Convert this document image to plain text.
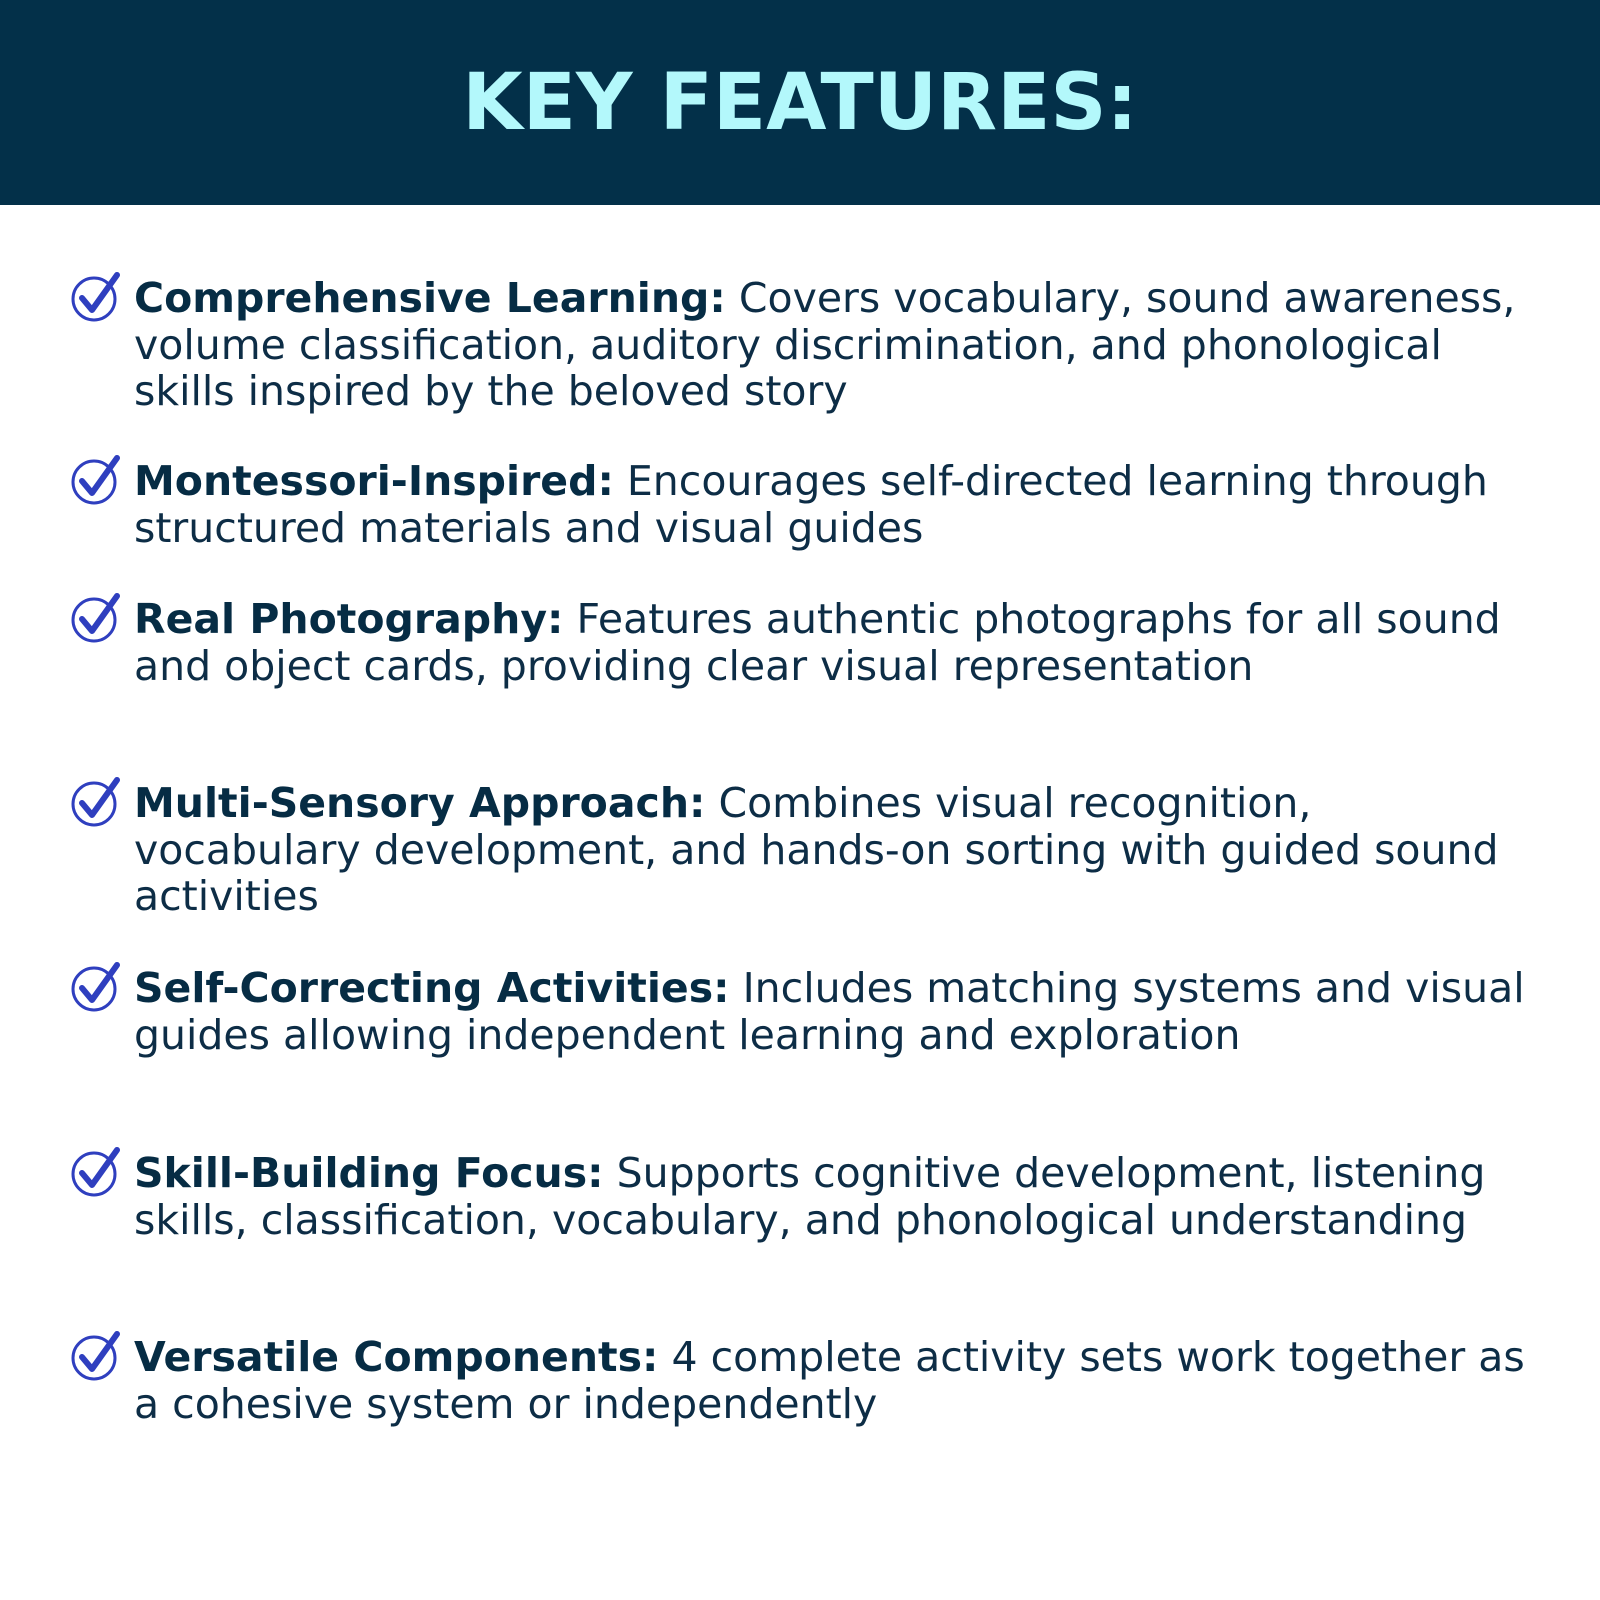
KEY FEATURES:

Comprehensive Learning: Covers vocabulary, sound awareness, volume classification, auditory discrimination, and phonological skills inspired by the beloved story

Montessori-Inspired: Encourages self-directed learning through structured materials and visual guides

Real Photography: Features authentic photographs for all sound and object cards, providing clear visual representation

Multi-Sensory Approach: Combines visual recognition, vocabulary development, and hands-on sorting with guided sound activities

Self-Correcting Activities: Includes matching systems and visual guides allowing independent learning and exploration

Skill-Building Focus: Supports cognitive development, listening skills, classification, vocabulary, and phonological understanding

Versatile Components: 4 complete activity sets work together as a cohesive system or independently
